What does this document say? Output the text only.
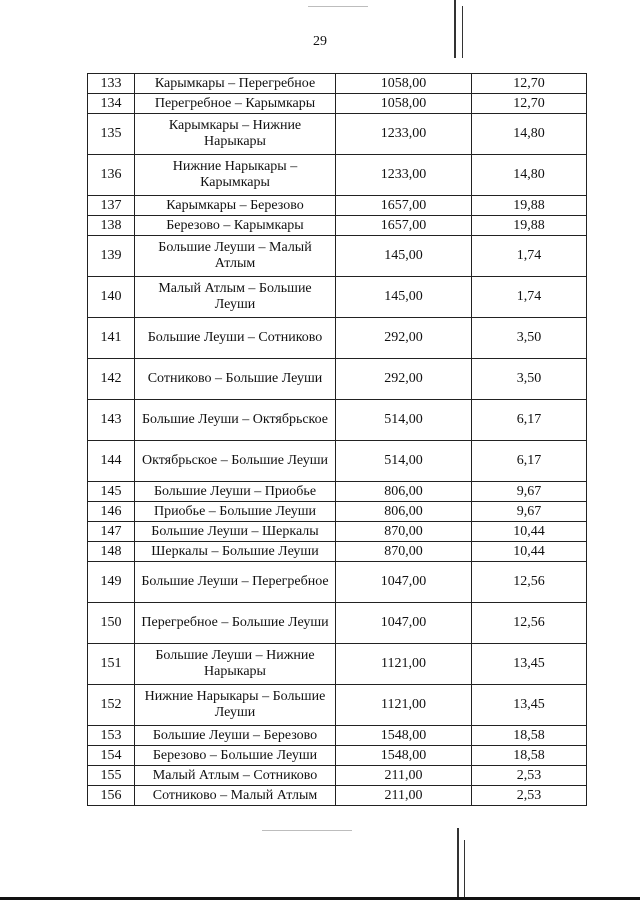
29
133	Карымкары – Перегребное	1058,00	12,70
134	Перегребное – Карымкары	1058,00	12,70
135	Карымкары – Нижние Нарыкары	1233,00	14,80
136	Нижние Нарыкары – Карымкары	1233,00	14,80
137	Карымкары – Березово	1657,00	19,88
138	Березово – Карымкары	1657,00	19,88
139	Большие Леуши – Малый Атлым	145,00	1,74
140	Малый Атлым – Большие Леуши	145,00	1,74
141	Большие Леуши – Сотниково	292,00	3,50
142	Сотниково – Большие Леуши	292,00	3,50
143	Большие Леуши – Октябрьское	514,00	6,17
144	Октябрьское – Большие Леуши	514,00	6,17
145	Большие Леуши – Приобье	806,00	9,67
146	Приобье – Большие Леуши	806,00	9,67
147	Большие Леуши – Шеркалы	870,00	10,44
148	Шеркалы – Большие Леуши	870,00	10,44
149	Большие Леуши – Перегребное	1047,00	12,56
150	Перегребное – Большие Леуши	1047,00	12,56
151	Большие Леуши – Нижние Нарыкары	1121,00	13,45
152	Нижние Нарыкары – Большие Леуши	1121,00	13,45
153	Большие Леуши – Березово	1548,00	18,58
154	Березово – Большие Леуши	1548,00	18,58
155	Малый Атлым – Сотниково	211,00	2,53
156	Сотниково – Малый Атлым	211,00	2,53
